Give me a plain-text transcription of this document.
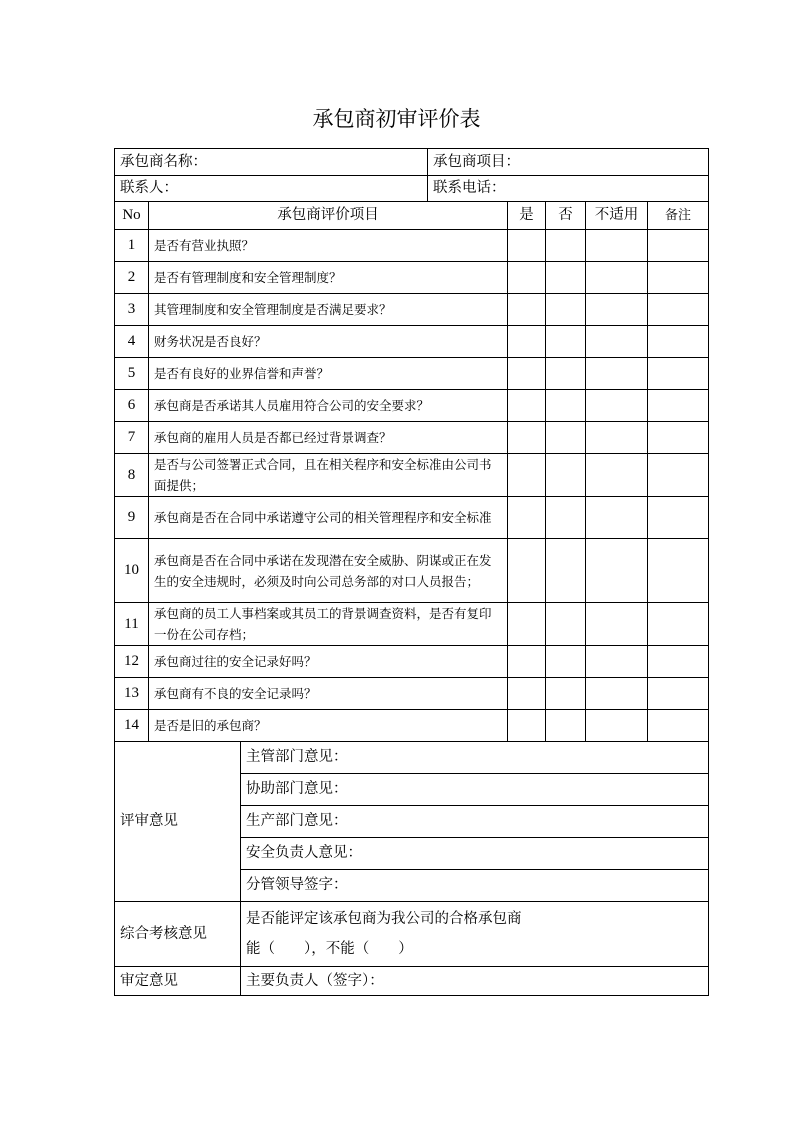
承包商初审评价表
承包商名称：			承包商项目：				
联系人：			联系电话：				
No	承包商评价项目			是	否	不适用	备注
1	是否有营业执照？						
2	是否有管理制度和安全管理制度？						
3	其管理制度和安全管理制度是否满足要求？						
4	财务状况是否良好？						
5	是否有良好的业界信誉和声誉？						
6	承包商是否承诺其人员雇用符合公司的安全要求？						
7	承包商的雇用人员是否都已经过背景调查？						
8	是否与公司签署正式合同，且在相关程序和安全标准由公司书面提供；						
9	承包商是否在合同中承诺遵守公司的相关管理程序和安全标准						
10	承包商是否在合同中承诺在发现潜在安全威胁、阴谋或正在发生的安全违规时，必须及时向公司总务部的对口人员报告；						
11	承包商的员工人事档案或其员工的背景调查资料，是否有复印一份在公司存档；						
12	承包商过往的安全记录好吗？						
13	承包商有不良的安全记录吗？						
14	是否是旧的承包商？						
评审意见		主管部门意见：					
		协助部门意见：					
		生产部门意见：					
		安全负责人意见：					
		分管领导签字：					
综合考核意见		是否能评定该承包商为我公司的合格承包商
能（　　），不能（　　）					

审定意见		主要负责人（签字）：					
